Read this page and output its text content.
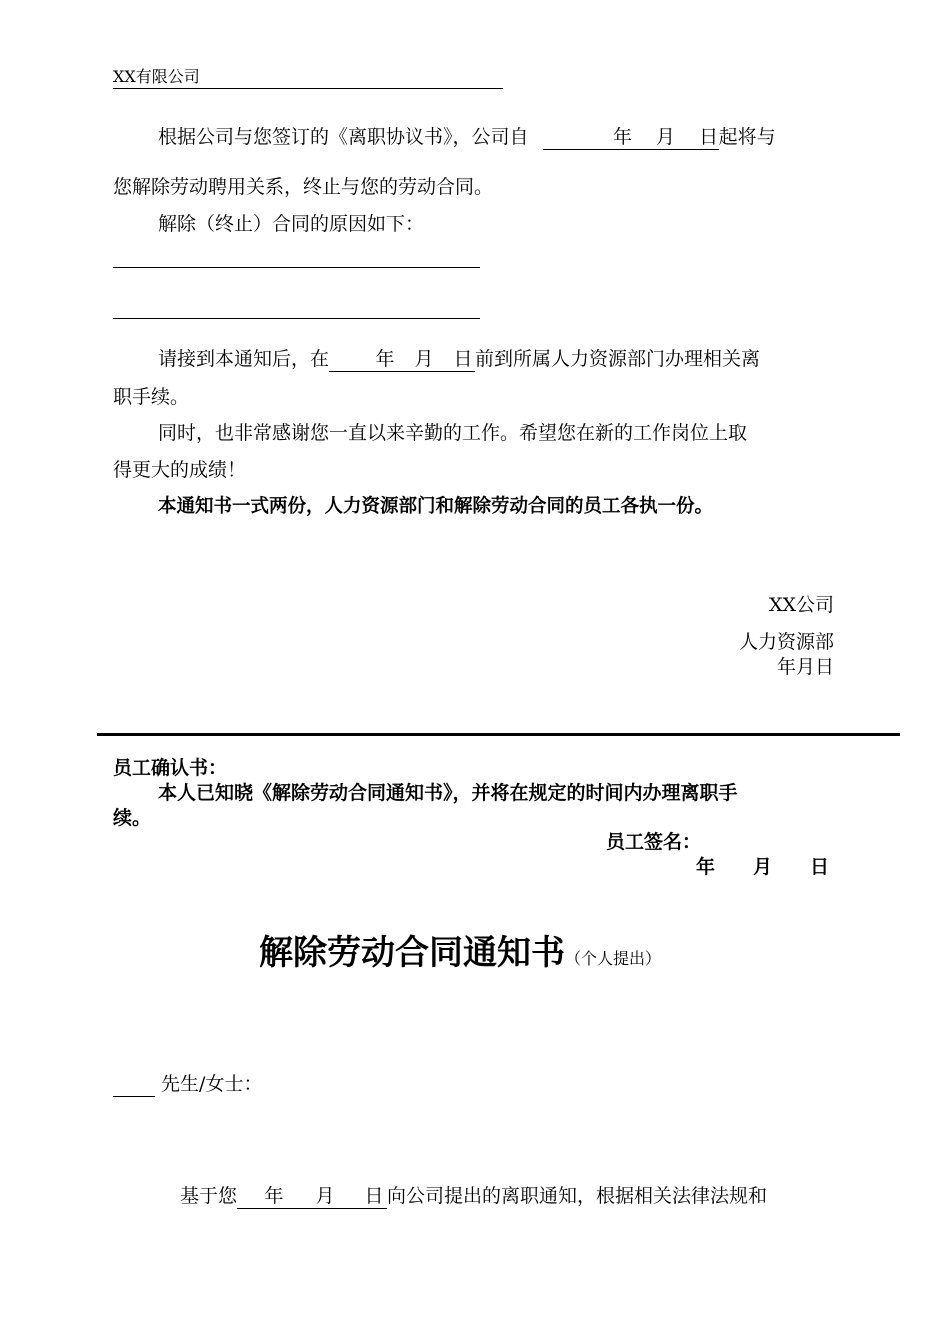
XX有限公司
根据公司与您签订的《离职协议书》，公司自	年 月 日起将与
您解除劳动聘用关系，终止与您的劳动合同。
解除（终止）合同的原因如下：
请接到本通知后，在 年 月 日 前到所属人力资源部门办理相关离
职手续。
同时，也非常感谢您一直以来辛勤的工作。希望您在新的工作岗位上取
得更大的成绩！
本通知书一式两份，人力资源部门和解除劳动合同的员工各执一份。
XX公司
人力资源部
年月日
员工确认书：
本人已知晓《解除劳动合同通知书》，并将在规定的时间内办理离职手
续。
员工签名：
年 月 日
解除劳动合同通知书（个人提出）
先生/女士：
基于您 年 月 日 向公司提出的离职通知，根据相关法律法规和
